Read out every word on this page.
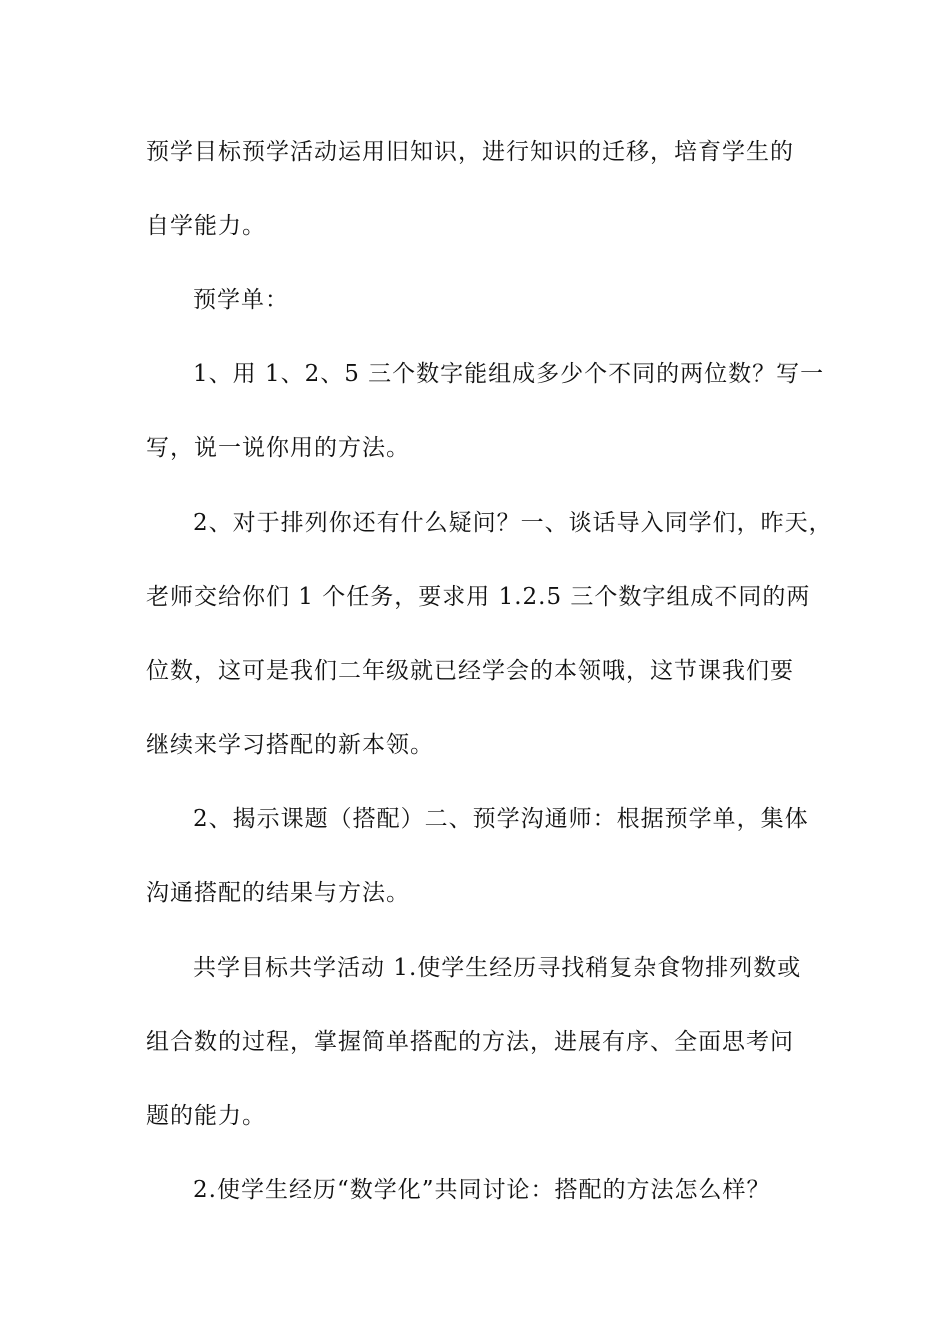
预学目标预学活动运用旧知识，进行知识的迁移，培育学生的
自学能力。
预学单：
1、用 1、2、5 三个数字能组成多少个不同的两位数？写一
写，说一说你用的方法。
2、对于排列你还有什么疑问？一、谈话导入同学们，昨天，
老师交给你们 1 个任务，要求用 1.2.5 三个数字组成不同的两
位数，这可是我们二年级就已经学会的本领哦，这节课我们要
继续来学习搭配的新本领。
2、揭示课题（搭配）二、预学沟通师：根据预学单，集体
沟通搭配的结果与方法。
共学目标共学活动 1.使学生经历寻找稍复杂食物排列数或
组合数的过程，掌握简单搭配的方法，进展有序、全面思考问
题的能力。
2.使学生经历“数学化”共同讨论：搭配的方法怎么样？
